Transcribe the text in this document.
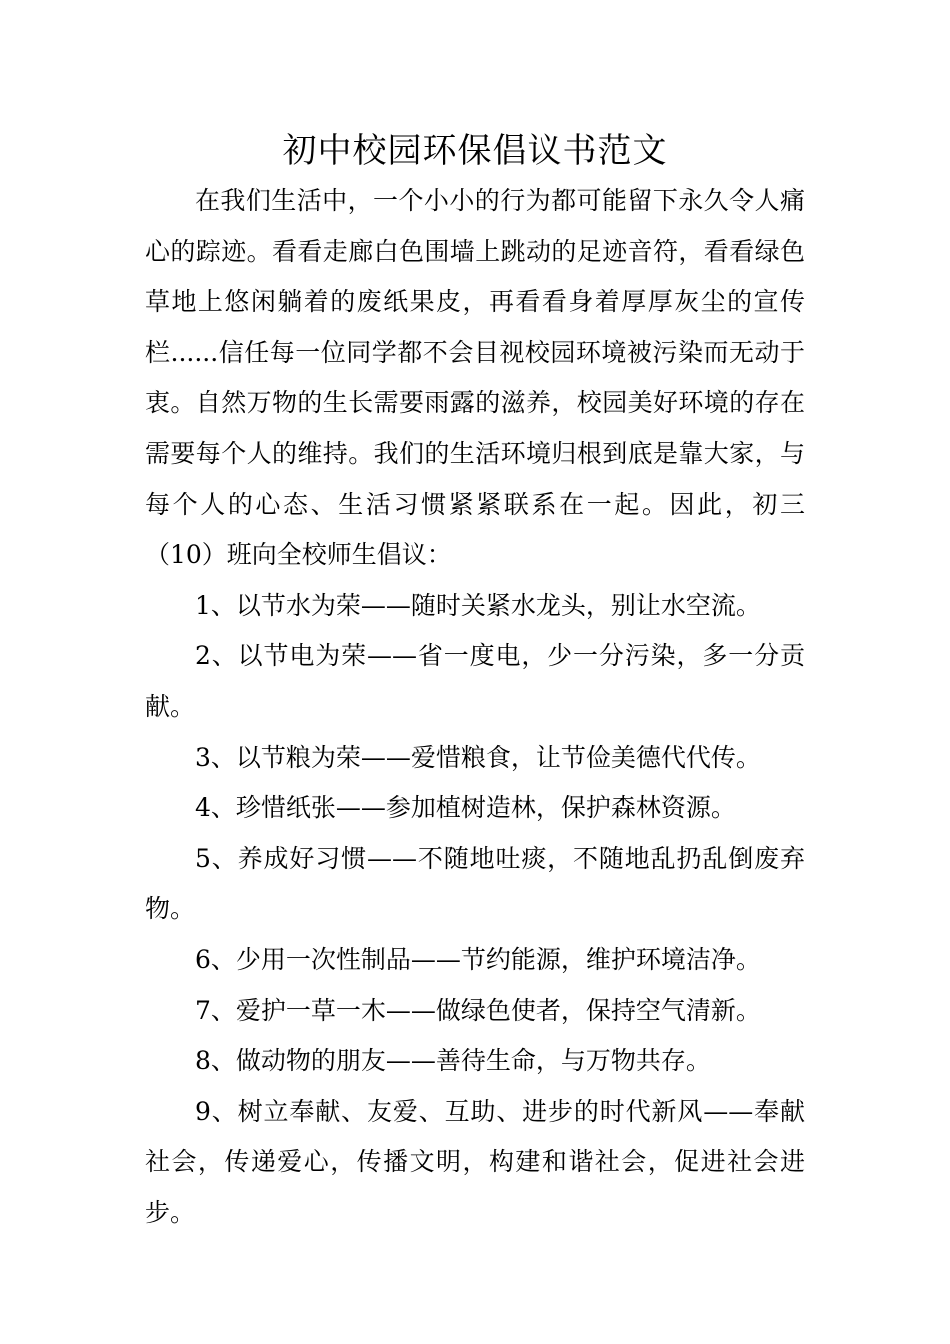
初中校园环保倡议书范文

在我们生活中，一个小小的行为都可能留下永久令人痛心的踪迹。看看走廊白色围墙上跳动的足迹音符，看看绿色草地上悠闲躺着的废纸果皮，再看看身着厚厚灰尘的宣传栏......信任每一位同学都不会目视校园环境被污染而无动于衷。自然万物的生长需要雨露的滋养，校园美好环境的存在需要每个人的维持。我们的生活环境归根到底是靠大家，与每个人的心态、生活习惯紧紧联系在一起。因此，初三（10）班向全校师生倡议：

1、以节水为荣——随时关紧水龙头，别让水空流。

2、以节电为荣——省一度电，少一分污染，多一分贡献。

3、以节粮为荣——爱惜粮食，让节俭美德代代传。

4、珍惜纸张——参加植树造林，保护森林资源。

5、养成好习惯——不随地吐痰，不随地乱扔乱倒废弃物。

6、少用一次性制品——节约能源，维护环境洁净。

7、爱护一草一木——做绿色使者，保持空气清新。

8、做动物的朋友——善待生命，与万物共存。

9、树立奉献、友爱、互助、进步的时代新风——奉献社会，传递爱心，传播文明，构建和谐社会，促进社会进步。
